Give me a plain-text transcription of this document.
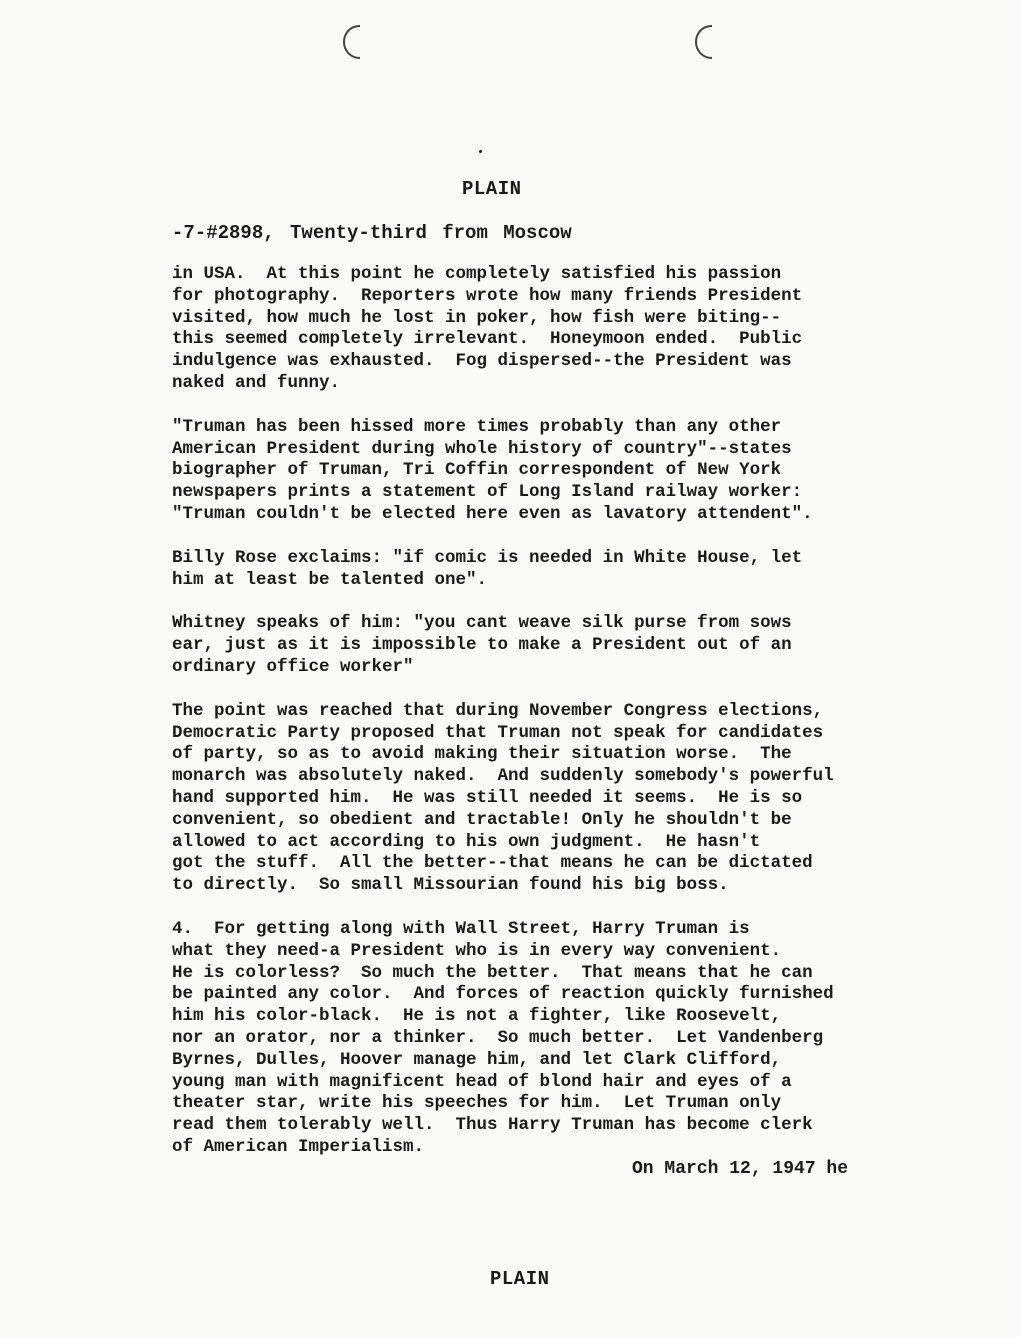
PLAIN
-7-#2898, Twenty-third from Moscow

in USA.  At this point he completely satisfied his passion
for photography.  Reporters wrote how many friends President
visited, how much he lost in poker, how fish were biting--
this seemed completely irrelevant.  Honeymoon ended.  Public
indulgence was exhausted.  Fog dispersed--the President was
naked and funny.

"Truman has been hissed more times probably than any other
American President during whole history of country"--states
biographer of Truman, Tri Coffin correspondent of New York
newspapers prints a statement of Long Island railway worker:
"Truman couldn't be elected here even as lavatory attendent".

Billy Rose exclaims: "if comic is needed in White House, let
him at least be talented one".

Whitney speaks of him: "you cant weave silk purse from sows
ear, just as it is impossible to make a President out of an
ordinary office worker"

The point was reached that during November Congress elections,
Democratic Party proposed that Truman not speak for candidates
of party, so as to avoid making their situation worse.  The
monarch was absolutely naked.  And suddenly somebody's powerful
hand supported him.  He was still needed it seems.  He is so
convenient, so obedient and tractable! Only he shouldn't be
allowed to act according to his own judgment.  He hasn't
got the stuff.  All the better--that means he can be dictated
to directly.  So small Missourian found his big boss.

4.  For getting along with Wall Street, Harry Truman is
what they need-a President who is in every way convenient.
He is colorless?  So much the better.  That means that he can
be painted any color.  And forces of reaction quickly furnished
him his color-black.  He is not a fighter, like Roosevelt,
nor an orator, nor a thinker.  So much better.  Let Vandenberg
Byrnes, Dulles, Hoover manage him, and let Clark Clifford,
young man with magnificent head of blond hair and eyes of a
theater star, write his speeches for him.  Let Truman only
read them tolerably well.  Thus Harry Truman has become clerk
of American Imperialism.

On March 12, 1947 he
PLAIN
